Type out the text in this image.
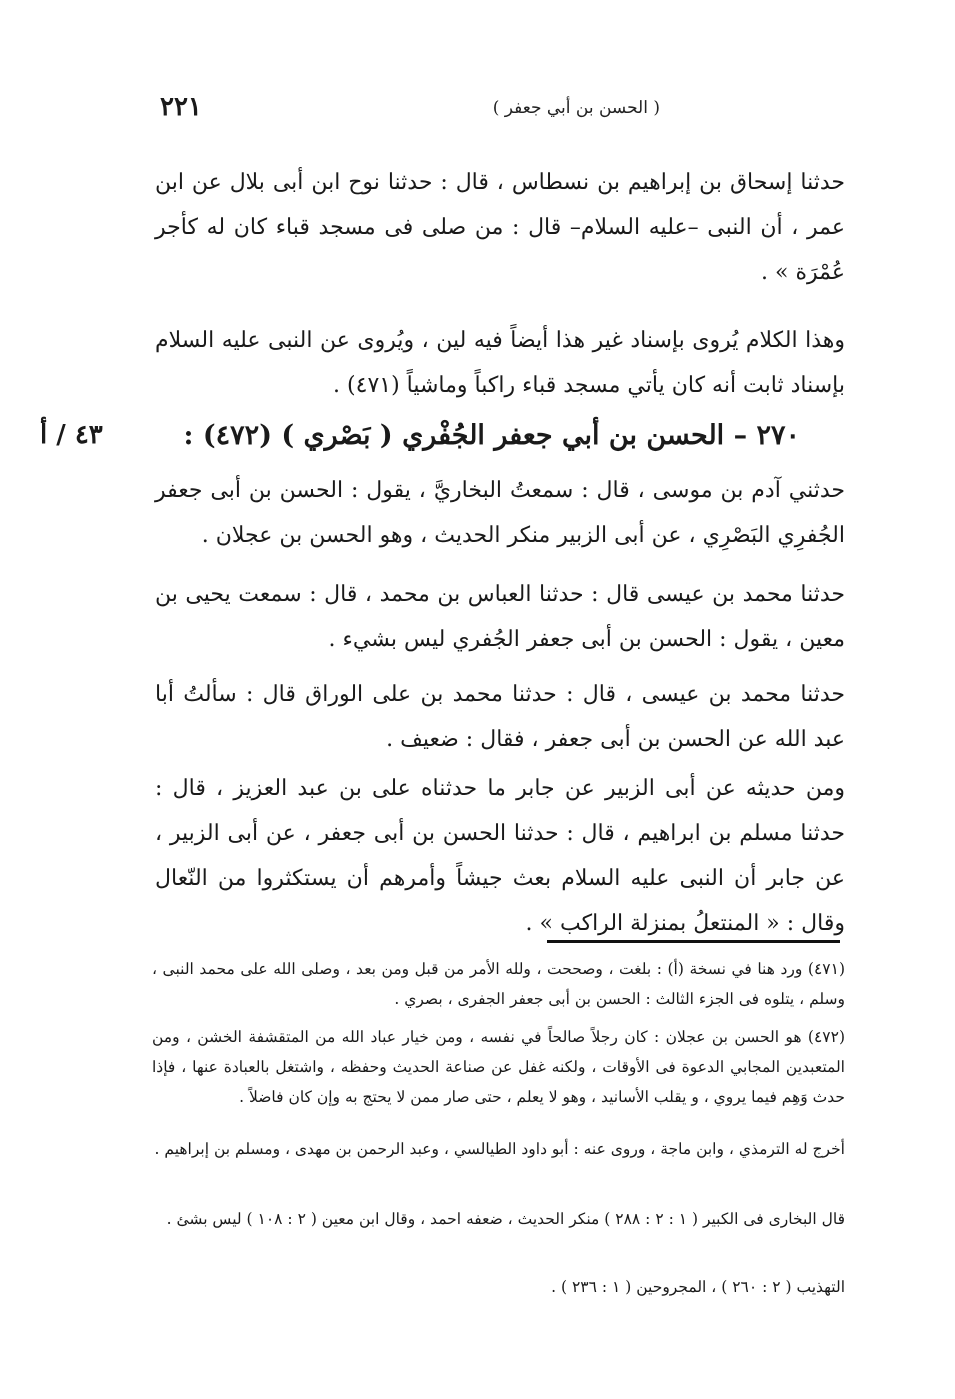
٢٢١	( الحسن بن أبي جعفر )
حدثنا إسحاق بن إبراهيم بن نسطاس ، قال : حدثنا نوح ابن أبى بلال عن ابن عمر ، أن النبى –عليه السلام– قال : من صلى فى مسجد قباء كان له كأجر عُمْرَة » .
وهذا الكلام يُروى بإسناد غير هذا أيضاً فيه لين ، ويُروى عن النبى عليه السلام بإسناد ثابت أنه كان يأتي مسجد قباء راكباً وماشياً (٤٧١) .
٤٣ / أ	٢٧٠ – الحسن بن أبي جعفر الجُفْري ( بَصْري ) (٤٧٢) :
حدثني آدم بن موسى ، قال : سمعتُ البخاريَّ ، يقول : الحسن بن أبى جعفر الجُفرِي البَصْرِي ، عن أبى الزبير منكر الحديث ، وهو الحسن بن عجلان .
حدثنا محمد بن عيسى قال : حدثنا العباس بن محمد ، قال : سمعت يحيى بن معين ، يقول : الحسن بن أبى جعفر الجُفري ليس بشيء .
حدثنا محمد بن عيسى ، قال : حدثنا محمد بن على الوراق قال : سألتُ أبا عبد الله عن الحسن بن أبى جعفر ، فقال : ضعيف .
ومن حديثه عن أبى الزبير عن جابر ما حدثناه على بن عبد العزيز ، قال : حدثنا مسلم بن ابراهيم ، قال : حدثنا الحسن بن أبى جعفر ، عن أبى الزبير ، عن جابر أن النبى عليه السلام بعث جيشاً وأمرهم أن يستكثروا من النّعال وقال : « المنتعلُ بمنزلة الراكب » .
(٤٧١) ورد هنا في نسخة (أ) : بلغت ، وصححت ، ولله الأمر من قبل ومن بعد ، وصلى الله على محمد النبى ، وسلم ، يتلوه فى الجزء الثالث : الحسن بن أبى جعفر الجفرى ، بصري .
(٤٧٢) هو الحسن بن عجلان : كان رجلاً صالحاً في نفسه ، ومن خيار عباد الله من المتقشفة الخشن ، ومن المتعبدين المجابي الدعوة فى الأوقات ، ولكنه غفل عن صناعة الحديث وحفظه ، واشتغل بالعبادة عنها ، فإذا حدث وَهِم فيما يروي ، و يقلب الأسانيد ، وهو لا يعلم ، حتى صار ممن لا يحتج به وإن كان فاضلاً .
أخرج له الترمذي ، وابن ماجة ، وروى عنه : أبو داود الطيالسي ، وعبد الرحمن بن مهدى ، ومسلم بن إبراهيم .
قال البخارى فى الكبير ( ١ : ٢ : ٢٨٨ ) منكر الحديث ، ضعفه احمد ، وقال ابن معين ( ٢ : ١٠٨ ) ليس بشئ .
التهذيب ( ٢ : ٢٦٠ ) ، المجروحين ( ١ : ٢٣٦ ) .
